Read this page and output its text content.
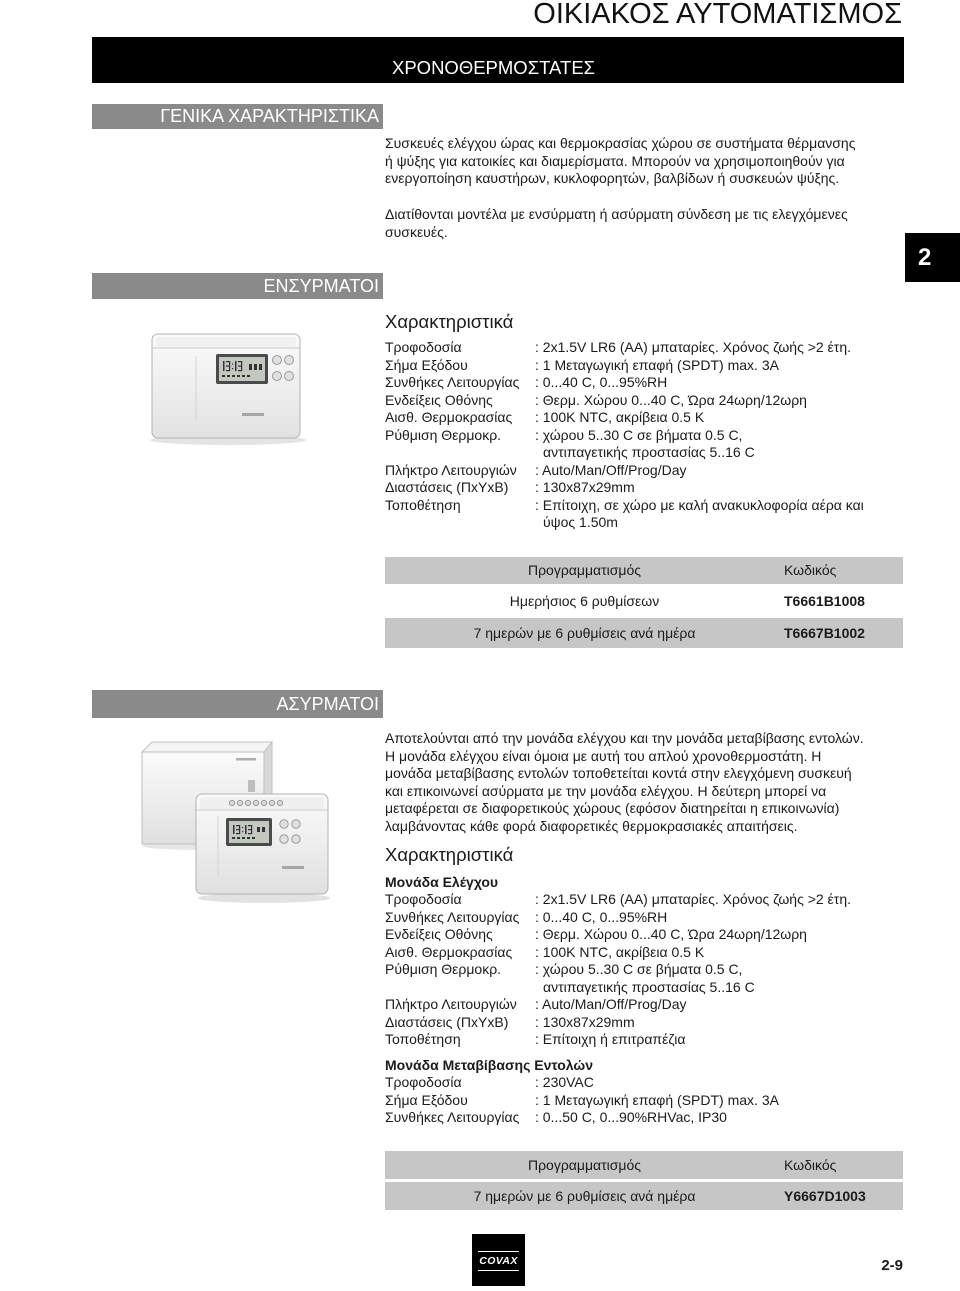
ΟΙΚΙΑΚΟΣ ΑΥΤΟΜΑΤΙΣΜΟΣ
ΧΡΟΝΟΘΕΡΜΟΣΤΑΤΕΣ
2
ΓΕΝΙΚΑ ΧΑΡΑΚΤΗΡΙΣΤΙΚΑ
Συσκευές ελέγχου ώρας και θερμοκρασίας χώρου σε συστήματα θέρμανσης
ή ψύξης για κατοικίες και διαμερίσματα. Μπορούν να χρησιμοποιηθούν για
ενεργοποίηση καυστήρων, κυκλοφορητών, βαλβίδων ή συσκευών ψύξης.
Διατίθονται μοντέλα με ενσύρματη ή ασύρματη σύνδεση με τις ελεγχόμενες
συσκευές.
ΕΝΣΥΡΜΑΤΟΙ
Χαρακτηριστικά
Τροφοδοσία	: 2x1.5V LR6 (AA) μπαταρίες. Χρόνος ζωής >2 έτη.
Σήμα Εξόδου	: 1 Μεταγωγική επαφή (SPDT) max. 3A
Συνθήκες Λειτουργίας	: 0...40 C, 0...95%RH
Ενδείξεις Οθόνης	: Θερμ. Χώρου 0...40 C, Ώρα 24ωρη/12ωρη
Αισθ. Θερμοκρασίας	: 100K NTC, ακρίβεια 0.5 K
Ρύθμιση Θερμοκρ.	: χώρου 5..30 C σε βήματα 0.5 C,
αντιπαγετικής προστασίας 5..16 C
Πλήκτρο Λειτουργιών	: Auto/Man/Off/Prog/Day
Διαστάσεις (ΠxΥxΒ)	: 130x87x29mm
Τοποθέτηση	: Επίτοιχη, σε χώρο με καλή ανακυκλοφορία αέρα και
ύψος 1.50m
Προγραμματισμός	Κωδικός
Ημερήσιος 6 ρυθμίσεων	T6661B1008
7 ημερών με 6 ρυθμίσεις ανά ημέρα	T6667B1002
ΑΣΥΡΜΑΤΟΙ
Αποτελούνται από την μονάδα ελέγχου και την μονάδα μεταβίβασης εντολών.
Η μονάδα ελέγχου είναι όμοια με αυτή του απλού χρονοθερμοστάτη. Η
μονάδα μεταβίβασης εντολών τοποθετείται κοντά στην ελεγχόμενη συσκευή
και επικοινωνεί ασύρματα με την μονάδα ελέγχου. Η δεύτερη μπορεί να
μεταφέρεται σε διαφορετικούς χώρους (εφόσον διατηρείται η επικοινωνία)
λαμβάνοντας κάθε φορά διαφορετικές θερμοκρασιακές απαιτήσεις.
Χαρακτηριστικά
Μονάδα Ελέγχου
Τροφοδοσία	: 2x1.5V LR6 (AA) μπαταρίες. Χρόνος ζωής >2 έτη.
Συνθήκες Λειτουργίας	: 0...40 C, 0...95%RH
Ενδείξεις Οθόνης	: Θερμ. Χώρου 0...40 C, Ώρα 24ωρη/12ωρη
Αισθ. Θερμοκρασίας	: 100K NTC, ακρίβεια 0.5 K
Ρύθμιση Θερμοκρ.	: χώρου 5..30 C σε βήματα 0.5 C,
αντιπαγετικής προστασίας 5..16 C
Πλήκτρο Λειτουργιών	: Auto/Man/Off/Prog/Day
Διαστάσεις (ΠxΥxΒ)	: 130x87x29mm
Τοποθέτηση	: Επίτοιχη ή επιτραπέζια
Μονάδα Μεταβίβασης Εντολών
Τροφοδοσία	: 230VAC
Σήμα Εξόδου	: 1 Μεταγωγική επαφή (SPDT) max. 3A
Συνθήκες Λειτουργίας	: 0...50 C, 0...90%RHVac, IP30
Προγραμματισμός	Κωδικός
7 ημερών με 6 ρυθμίσεις ανά ημέρα	Y6667D1003
COVAX	2-9
